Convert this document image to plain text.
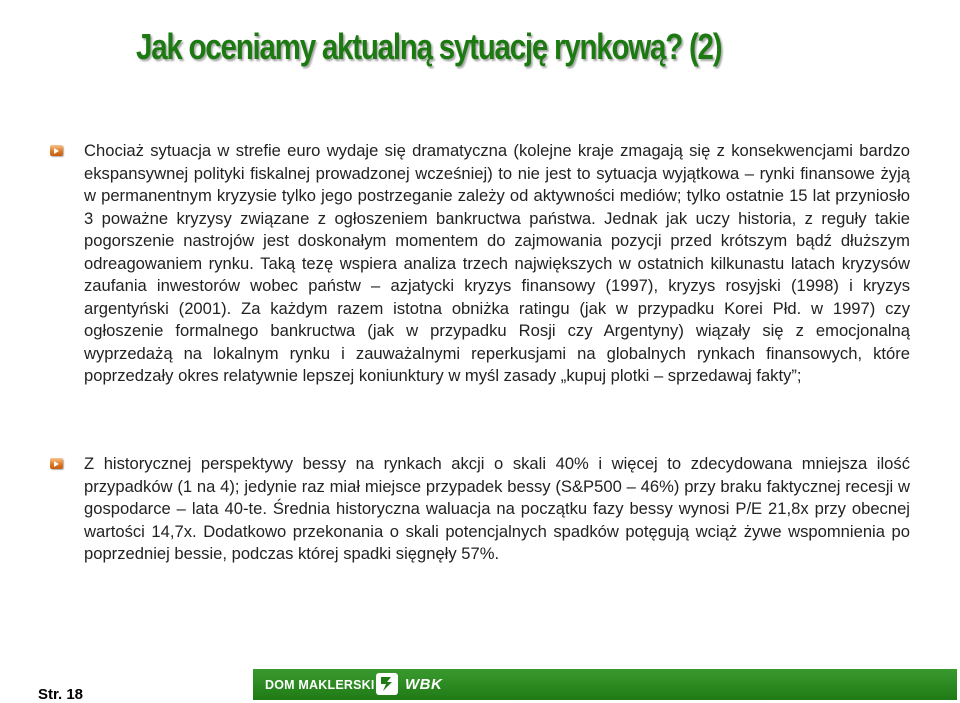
Jak oceniamy aktualną sytuację rynkową? (2)
Chociaż sytuacja w strefie euro wydaje się dramatyczna (kolejne kraje zmagają się z konsekwencjami bardzo ekspansywnej polityki fiskalnej prowadzonej wcześniej) to nie jest to sytuacja wyjątkowa – rynki finansowe żyją w permanentnym kryzysie tylko jego postrzeganie zależy od aktywności mediów; tylko ostatnie 15 lat przyniosło 3 poważne kryzysy związane z ogłoszeniem bankructwa państwa. Jednak jak uczy historia, z reguły takie pogorszenie nastrojów jest doskonałym momentem do zajmowania pozycji przed krótszym bądź dłuższym odreagowaniem rynku. Taką tezę wspiera analiza trzech największych w ostatnich kilkunastu latach kryzysów zaufania inwestorów wobec państw – azjatycki kryzys finansowy (1997), kryzys rosyjski (1998) i kryzys argentyński (2001). Za każdym razem istotna obniżka ratingu (jak w przypadku Korei Płd. w 1997) czy ogłoszenie formalnego bankructwa (jak w przypadku Rosji czy Argentyny) wiązały się z emocjonalną wyprzedażą na lokalnym rynku i zauważalnymi reperkusjami na globalnych rynkach finansowych, które poprzedzały okres relatywnie lepszej koniunktury w myśl zasady „kupuj plotki – sprzedawaj fakty”;
Z historycznej perspektywy bessy na rynkach akcji o skali 40% i więcej to zdecydowana mniejsza ilość przypadków (1 na 4); jedynie raz miał miejsce przypadek bessy (S&P500 – 46%) przy braku faktycznej recesji w gospodarce – lata 40-te. Średnia historyczna waluacja na początku fazy bessy wynosi P/E 21,8x przy obecnej wartości 14,7x. Dodatkowo przekonania o skali potencjalnych spadków potęgują wciąż żywe wspomnienia po poprzedniej bessie, podczas której spadki sięgnęły 57%.
Str. 18
DOM MAKLERSKI WBK
